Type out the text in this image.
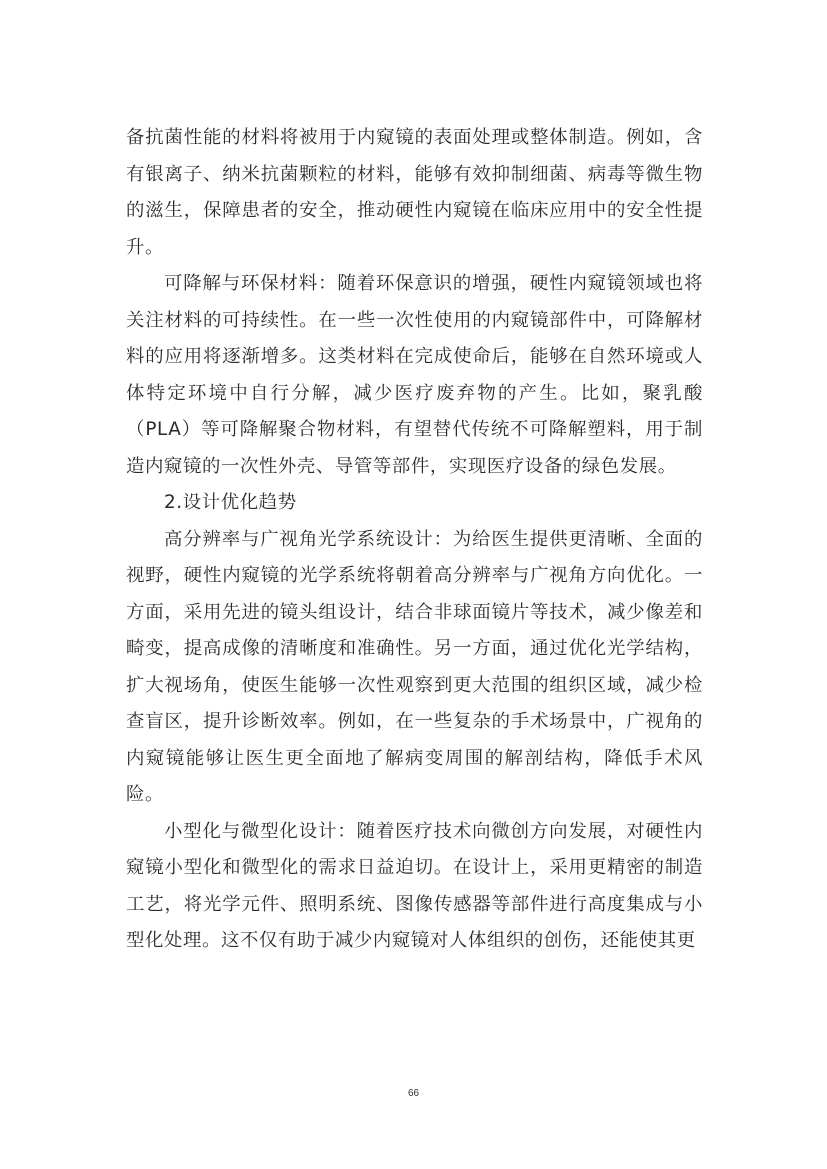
备抗菌性能的材料将被用于内窥镜的表面处理或整体制造。例如，含有银离子、纳米抗菌颗粒的材料，能够有效抑制细菌、病毒等微生物的滋生，保障患者的安全，推动硬性内窥镜在临床应用中的安全性提升。

可降解与环保材料：随着环保意识的增强，硬性内窥镜领域也将关注材料的可持续性。在一些一次性使用的内窥镜部件中，可降解材料的应用将逐渐增多。这类材料在完成使命后，能够在自然环境或人体特定环境中自行分解，减少医疗废弃物的产生。比如，聚乳酸（PLA）等可降解聚合物材料，有望替代传统不可降解塑料，用于制造内窥镜的一次性外壳、导管等部件，实现医疗设备的绿色发展。

2.设计优化趋势

高分辨率与广视角光学系统设计：为给医生提供更清晰、全面的视野，硬性内窥镜的光学系统将朝着高分辨率与广视角方向优化。一方面，采用先进的镜头组设计，结合非球面镜片等技术，减少像差和畸变，提高成像的清晰度和准确性。另一方面，通过优化光学结构，扩大视场角，使医生能够一次性观察到更大范围的组织区域，减少检查盲区，提升诊断效率。例如，在一些复杂的手术场景中，广视角的内窥镜能够让医生更全面地了解病变周围的解剖结构，降低手术风险。

小型化与微型化设计：随着医疗技术向微创方向发展，对硬性内窥镜小型化和微型化的需求日益迫切。在设计上，采用更精密的制造工艺，将光学元件、照明系统、图像传感器等部件进行高度集成与小型化处理。这不仅有助于减少内窥镜对人体组织的创伤，还能使其更

66
